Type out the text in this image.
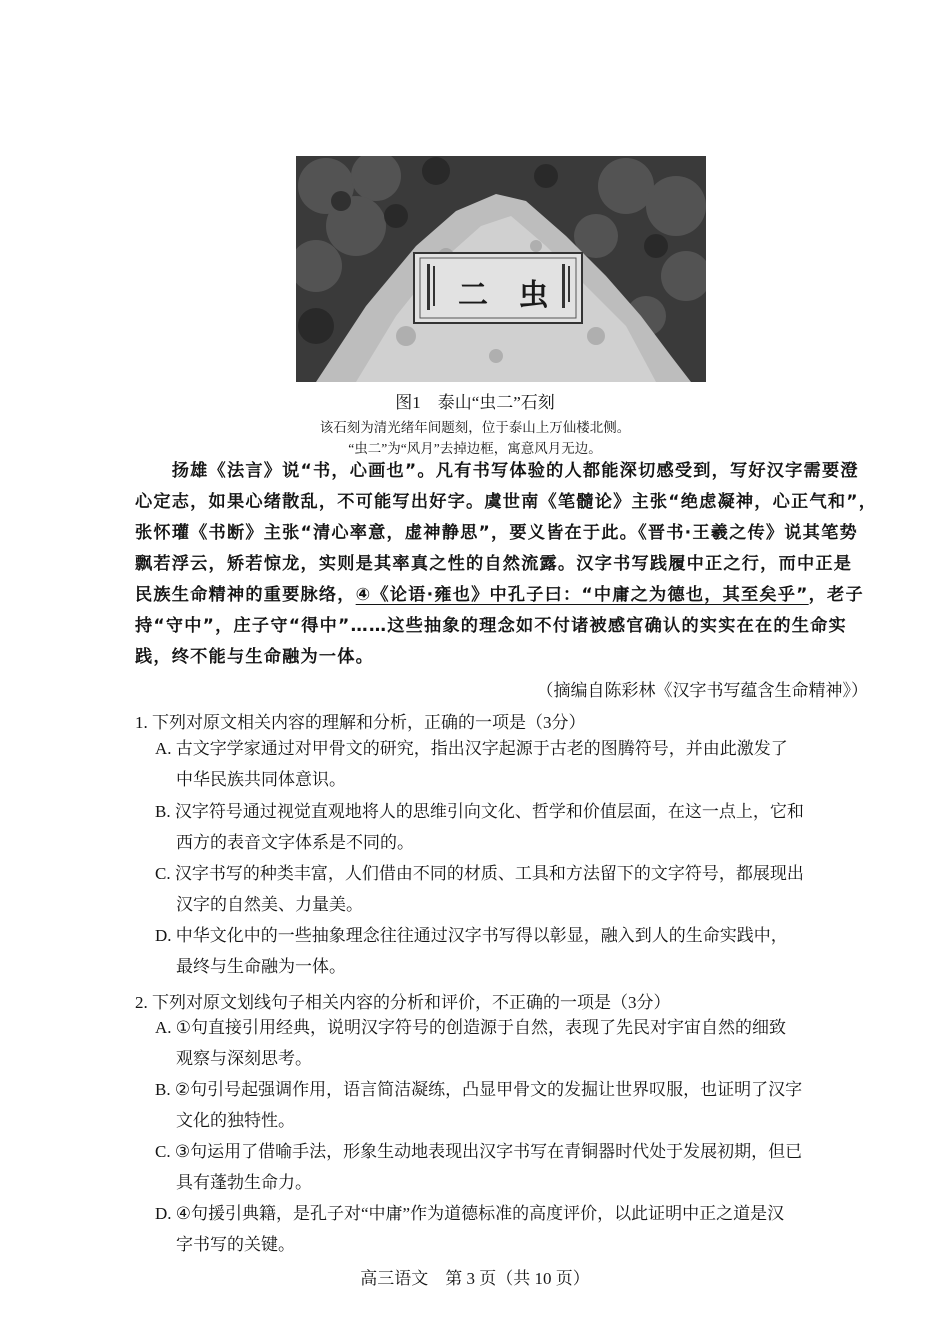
二 虫
图1　泰山“虫二”石刻
该石刻为清光绪年间题刻，位于泰山上万仙楼北侧。
“虫二”为“风月”去掉边框，寓意风月无边。
　　扬雄《法言》说“书，心画也”。凡有书写体验的人都能深切感受到，写好汉字需要澄
心定志，如果心绪散乱，不可能写出好字。虞世南《笔髓论》主张“绝虑凝神，心正气和”，
张怀瓘《书断》主张“清心率意，虚神静思”，要义皆在于此。《晋书·王羲之传》说其笔势
飘若浮云，矫若惊龙，实则是其率真之性的自然流露。汉字书写践履中正之行，而中正是
民族生命精神的重要脉络，④《论语·雍也》中孔子曰：“中庸之为德也，其至矣乎”，老子
持“守中”，庄子守“得中”……这些抽象的理念如不付诸被感官确认的实实在在的生命实
践，终不能与生命融为一体。
（摘编自陈彩林《汉字书写蕴含生命精神》）
1. 下列对原文相关内容的理解和分析，正确的一项是（3分）
A. 古文字学家通过对甲骨文的研究，指出汉字起源于古老的图腾符号，并由此激发了
中华民族共同体意识。
B. 汉字符号通过视觉直观地将人的思维引向文化、哲学和价值层面，在这一点上，它和
西方的表音文字体系是不同的。
C. 汉字书写的种类丰富，人们借由不同的材质、工具和方法留下的文字符号，都展现出
汉字的自然美、力量美。
D. 中华文化中的一些抽象理念往往通过汉字书写得以彰显，融入到人的生命实践中，
最终与生命融为一体。
2. 下列对原文划线句子相关内容的分析和评价，不正确的一项是（3分）
A. ①句直接引用经典，说明汉字符号的创造源于自然，表现了先民对宇宙自然的细致
观察与深刻思考。
B. ②句引号起强调作用，语言简洁凝练，凸显甲骨文的发掘让世界叹服，也证明了汉字
文化的独特性。
C. ③句运用了借喻手法，形象生动地表现出汉字书写在青铜器时代处于发展初期，但已
具有蓬勃生命力。
D. ④句援引典籍，是孔子对“中庸”作为道德标准的高度评价，以此证明中正之道是汉
字书写的关键。
高三语文　第 3 页（共 10 页）
